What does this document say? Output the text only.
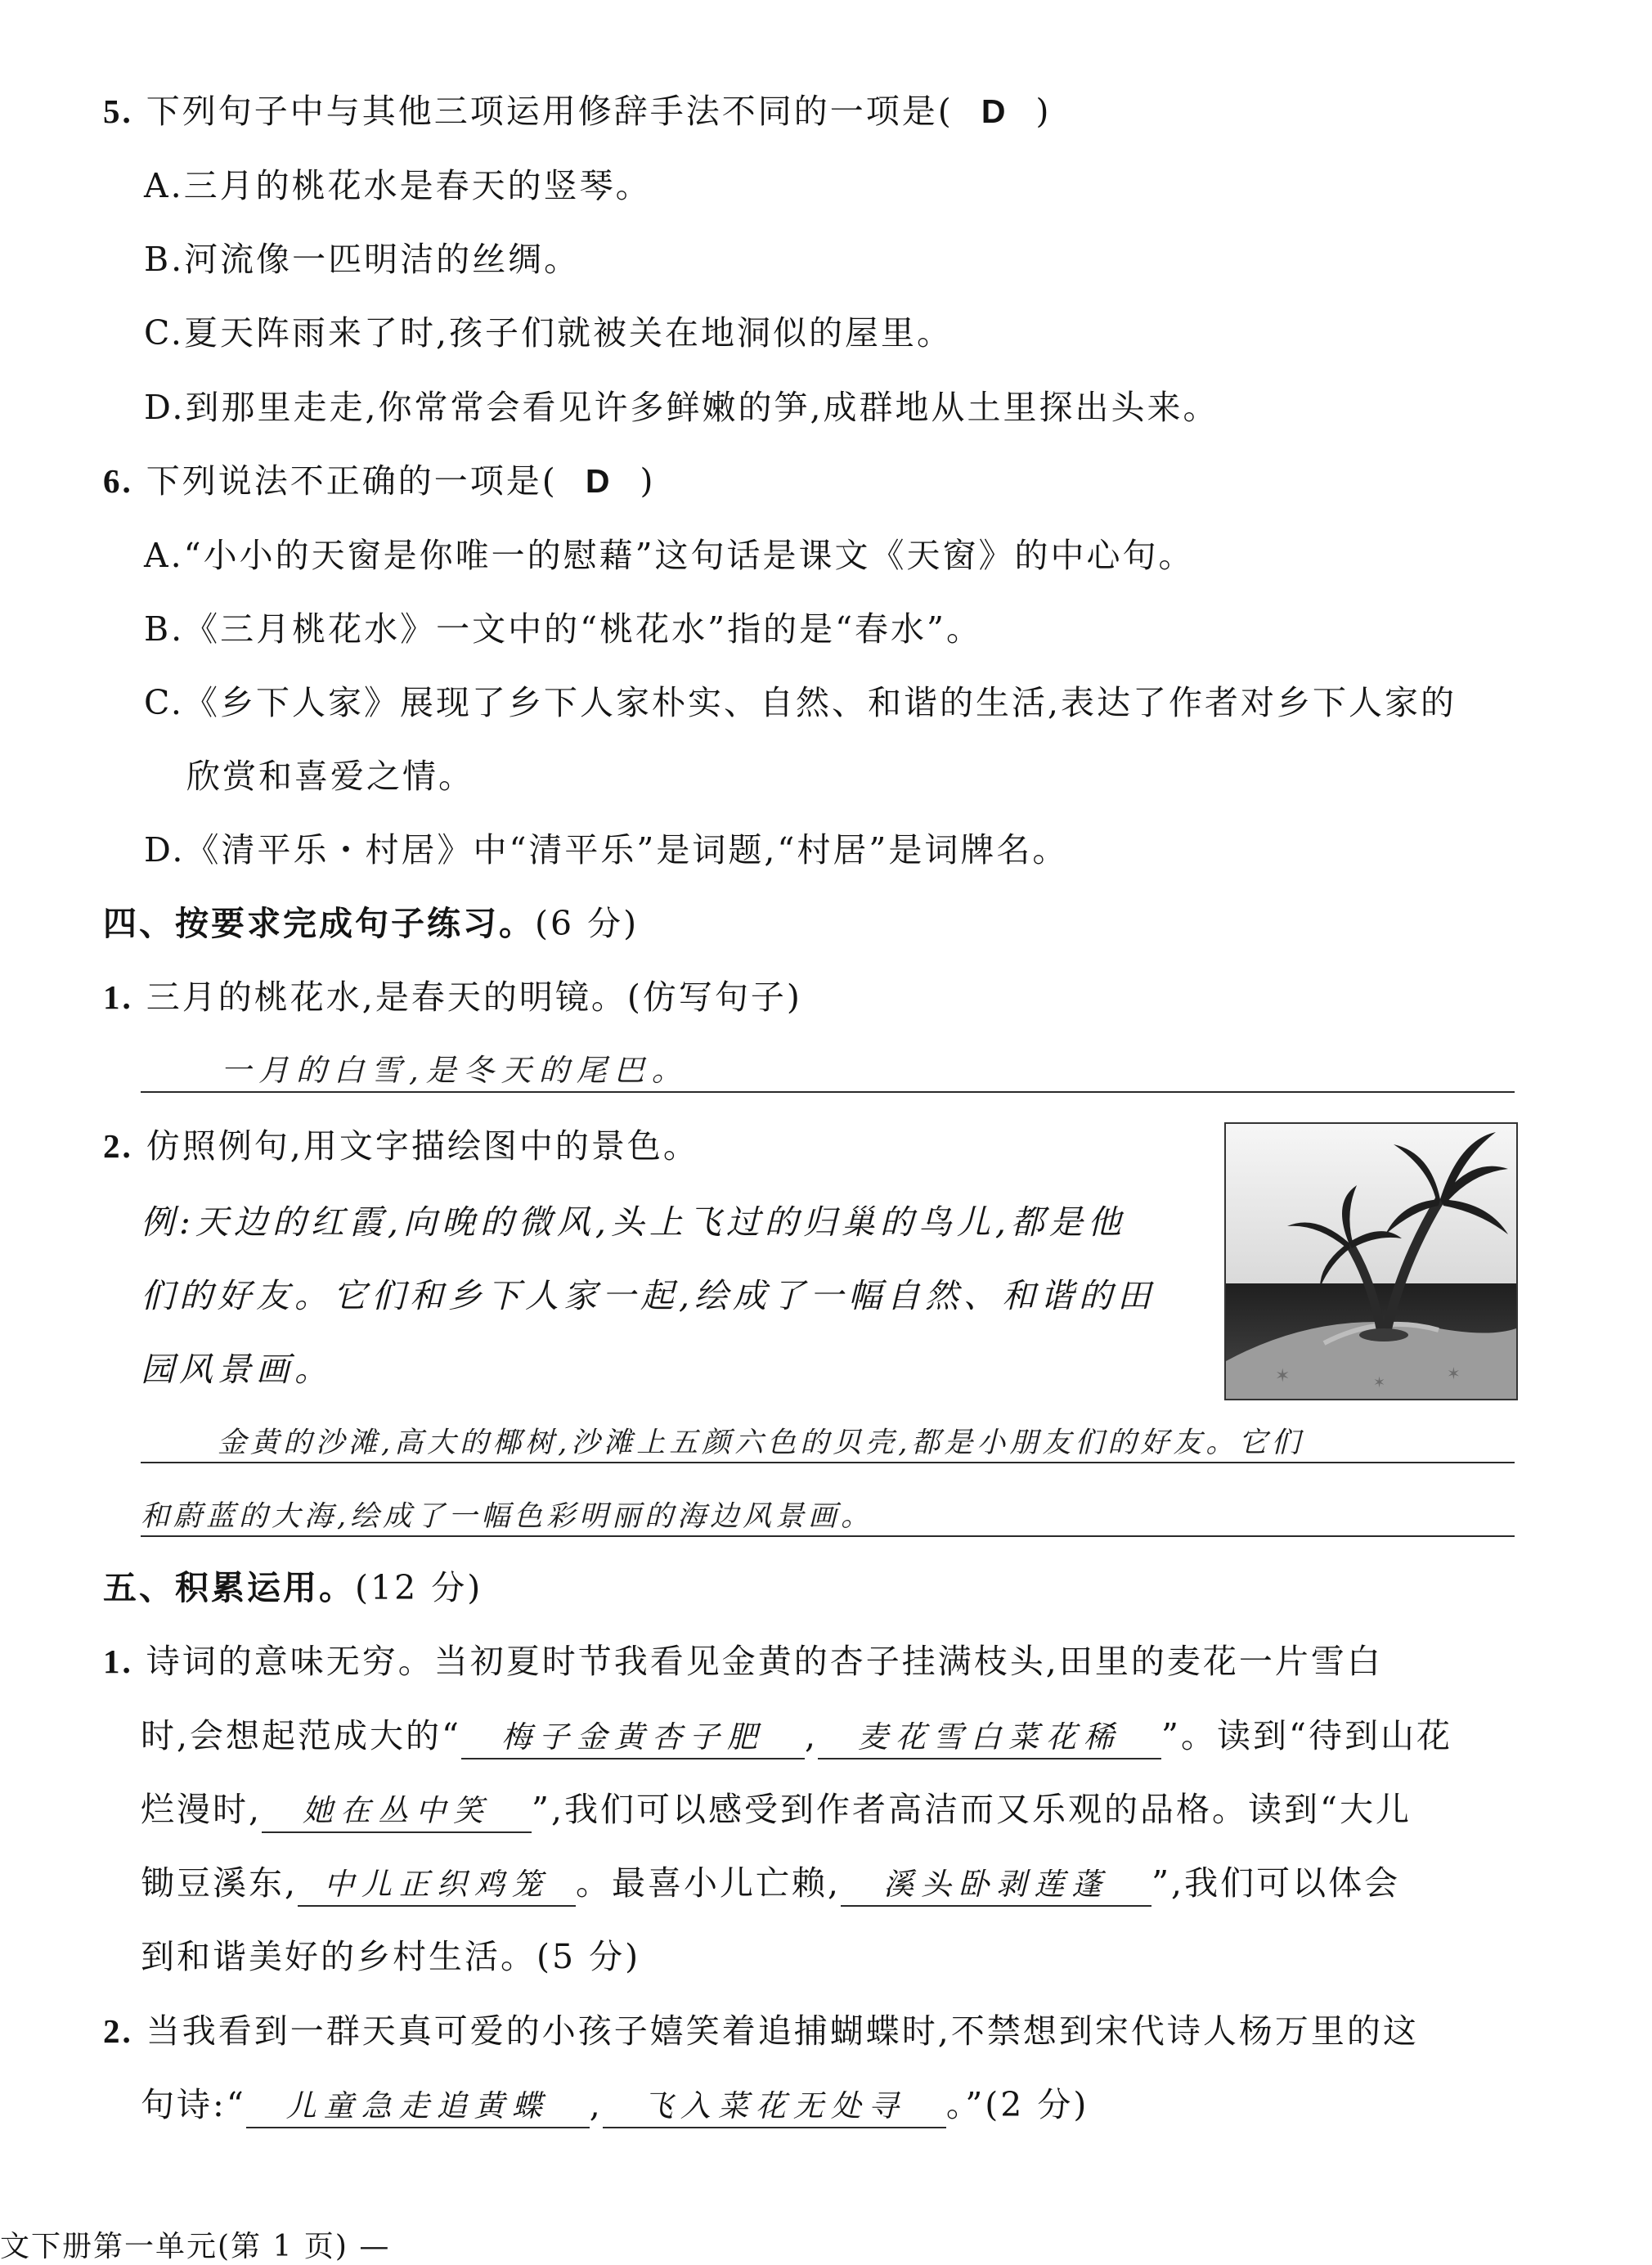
5. 下列句子中与其他三项运用修辞手法不同的一项是( D )
A.三月的桃花水是春天的竖琴。
B.河流像一匹明洁的丝绸。
C.夏天阵雨来了时,孩子们就被关在地洞似的屋里。
D.到那里走走,你常常会看见许多鲜嫩的笋,成群地从土里探出头来。
6. 下列说法不正确的一项是( D )
A.“小小的天窗是你唯一的慰藉”这句话是课文《天窗》的中心句。
B.《三月桃花水》一文中的“桃花水”指的是“春水”。
C.《乡下人家》展现了乡下人家朴实、自然、和谐的生活,表达了作者对乡下人家的
欣赏和喜爱之情。
D.《清平乐・村居》中“清平乐”是词题,“村居”是词牌名。
四、按要求完成句子练习。(6 分)
1. 三月的桃花水,是春天的明镜。(仿写句子)
一月的白雪,是冬天的尾巴。
2. 仿照例句,用文字描绘图中的景色。
例:天边的红霞,向晚的微风,头上飞过的归巢的鸟儿,都是他
们的好友。它们和乡下人家一起,绘成了一幅自然、和谐的田
园风景画。	✶	✶	✶
金黄的沙滩,高大的椰树,沙滩上五颜六色的贝壳,都是小朋友们的好友。它们
和蔚蓝的大海,绘成了一幅色彩明丽的海边风景画。
五、积累运用。(12 分)
1. 诗词的意味无穷。当初夏时节我看见金黄的杏子挂满枝头,田里的麦花一片雪白
时,会想起范成大的“ 梅子金黄杏子肥 , 麦花雪白菜花稀 ”。读到“待到山花
烂漫时, 她在丛中笑 ”,我们可以感受到作者高洁而又乐观的品格。读到“大儿
锄豆溪东, 中儿正织鸡笼 。最喜小儿亡赖, 溪头卧剥莲蓬 ”,我们可以体会
到和谐美好的乡村生活。(5 分)
2. 当我看到一群天真可爱的小孩子嬉笑着追捕蝴蝶时,不禁想到宋代诗人杨万里的这
句诗:“ 儿童急走追黄蝶 , 飞入菜花无处寻 。”(2 分)
文下册第一单元(第 1 页) —
